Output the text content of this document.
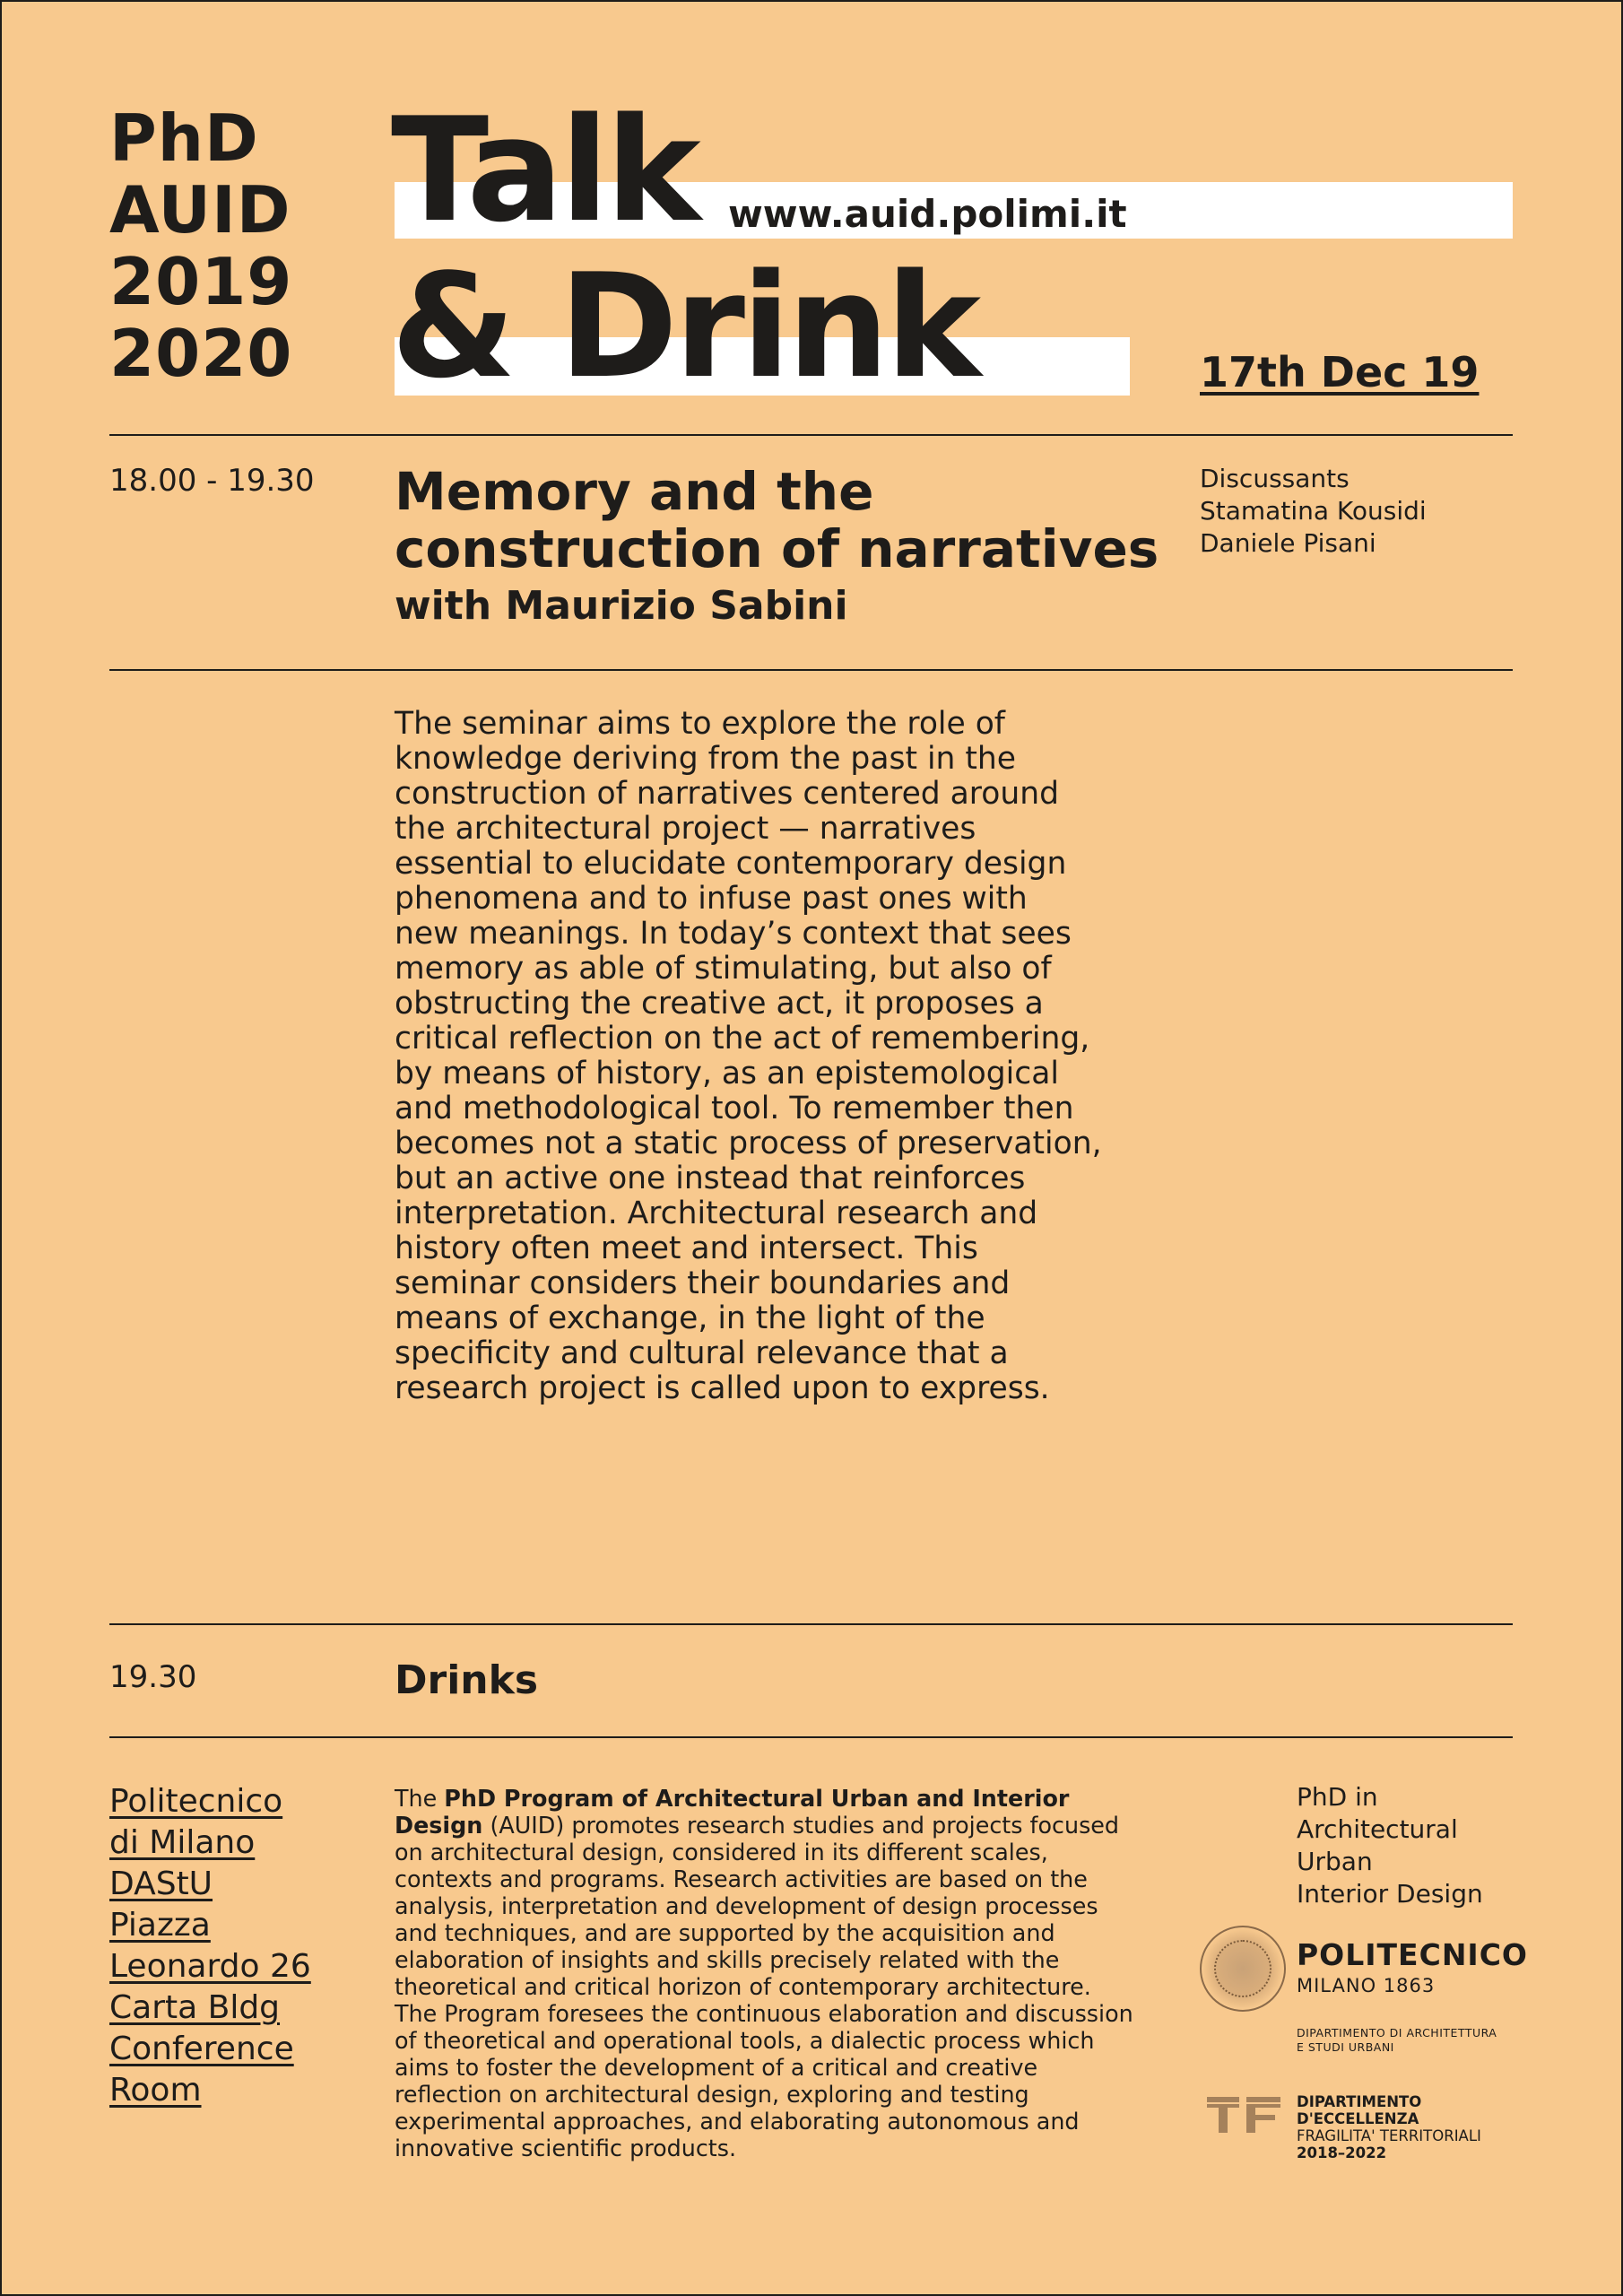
PhD
AUID
2019
2020
Talk
& Drink
www.auid.polimi.it
17th Dec 19
18.00 - 19.30 Memory and the
construction of narratives
with Maurizio Sabini
Discussants
Stamatina Kousidi
Daniele Pisani
The seminar aims to explore the role of
knowledge deriving from the past in the
construction of narratives centered around
the architectural project — narratives
essential to elucidate contemporary design
phenomena and to infuse past ones with
new meanings. In today’s context that sees
memory as able of stimulating, but also of
obstructing the creative act, it proposes a
critical reflection on the act of remembering,
by means of history, as an epistemological
and methodological tool. To remember then
becomes not a static process of preservation,
but an active one instead that reinforces
interpretation. Architectural research and
history often meet and intersect. This
seminar considers their boundaries and
means of exchange, in the light of the
specificity and cultural relevance that a
research project is called upon to express.
19.30	Drinks
Politecnico
di Milano
DAStU
Piazza
Leonardo 26
Carta Bldg
Conference
Room
The PhD Program of Architectural Urban and Interior Design (AUID) promotes research studies and projects focused on architectural design, considered in its different scales, contexts and programs. Research activities are based on the analysis, interpretation and development of design processes and techniques, and are supported by the acquisition and elaboration of insights and skills precisely related with the theoretical and critical horizon of contemporary architecture. The Program foresees the continuous elaboration and discussion of theoretical and operational tools, a dialectic process which aims to foster the development of a critical and creative reflection on architectural design, exploring and testing experimental approaches, and elaborating autonomous and innovative scientific products.
PhD in
Architectural
Urban
Interior Design
POLITECNICO
MILANO 1863
DIPARTIMENTO DI ARCHITETTURA
E STUDI URBANI
DIPARTIMENTO
D'ECCELLENZA
FRAGILITA' TERRITORIALI
2018–2022
